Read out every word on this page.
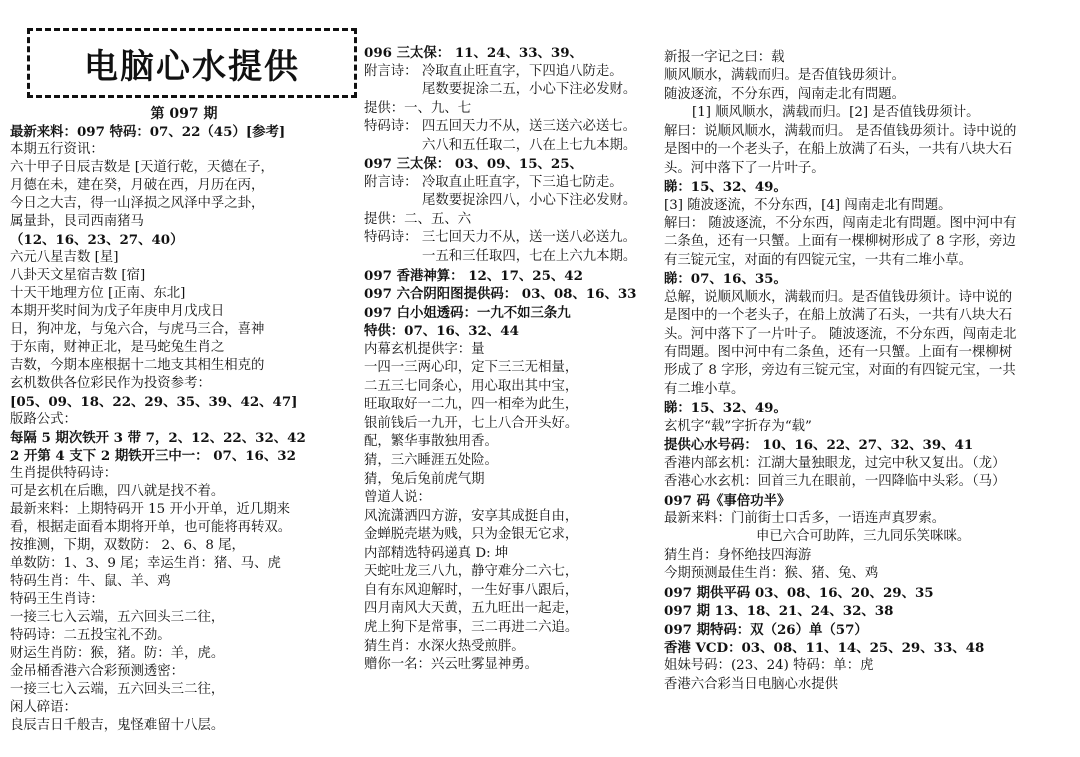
电脑心水提供
第 097 期
最新来料：097 特码：07、22（45）[参考]
本期五行资讯：
六十甲子日辰吉数是 [天道行乾，天德在子，
月德在未，建在癸，月破在西，月历在丙，
今日之大吉，得一山泽损之风泽中孚之卦，
属量卦，艮司西南猪马
（12、16、23、27、40）
六元八星吉数 [星]
八卦天文星宿吉数 [宿]
十天干地理方位 [正南、东北]
本期开奖时间为戊子年庚申月戊戌日
日，狗冲龙，与兔六合，与虎马三合，喜神
于东南，财神正北，是马蛇兔生肖之
吉数，今期本座根据十二地支其相生相克的
玄机数供各位彩民作为投资参考：
[05、09、18、22、29、35、39、42、47]
版路公式：
每隔 5 期次铁开 3 带 7，2、12、22、32、42
2 开第 4 支下 2 期铁开三中一： 07、16、32
生肖提供特码诗：
可是玄机在后瞧，四八就是找不着。
最新来料：上期特码开 15 开小开单，近几期来
看，根据走面看本期将开单，也可能将再转双。
按推测，下期，双数防： 2、6、8 尾，
单数防：1、3、9 尾；幸运生肖：猪、马、虎
特码生肖：牛、鼠、羊、鸡
特码王生肖诗：
一接三七入云端，五六回头三二往，
特码诗：二五投宝礼不劲。
财运生肖防：猴，猪。防：羊，虎。
金吊桶香港六合彩预测透密：
一接三七入云端，五六回头三二往，
闲人碎语：
良辰吉日千般吉，鬼怪难留十八层。
096 三太保： 11、24、33、39、
附言诗： 冷取直止旺直字，下四追八防走。
尾数要捉涂二五，小心下注必发财。
提供：一、九、七
特码诗： 四五回天力不从，送三送六必送七。
六八和五任取二，八在上七九本期。
097 三太保： 03、09、15、25、
附言诗： 冷取直止旺直字，下三追七防走。
尾数要捉涂四八，小心下注必发财。
提供：二、五、六
特码诗： 三七回天力不从，送一送八必送九。
一五和三任取四，七在上六九本期。
097 香港神算： 12、17、25、42
097 六合阴阳图提供码： 03、08、16、33
097 白小姐透码：一九不如三条九
特供：07、16、32、44
内幕玄机提供字：量
一四一三两心印，定下三三无相量，
二五三七同条心，用心取出其中宝，
旺取取好一二九，四一相牵为此生，
银前钱后一九开，七上八合开头好。
配，繁华事散独用香。
猜，三六睡涯五处险。
猜，兔后兔前虎气期
曾道人说：
风流潇洒四方游，安享其成挺自由，
金蝉脱壳堪为贱，只为金银无它求，
内部精选特码递真 D: 坤
天蛇吐龙三八九，静守难分二六七，
自有东风迎解时，一生好事八跟后，
四月南风大天黄，五九旺出一起走，
虎上狗下是常事，三二再进二六追。
猜生肖：水深火热受煎胖。
赠你一名：兴云吐雾显神勇。
新报一字记之曰：载
顺风顺水，满载而归。是否值钱毋须计。
随波逐流，不分东西，闯南走北有問題。
[1] 顺风顺水，满载而归。[2] 是否值钱毋须计。
解曰：说顺风顺水，满载而归。 是否值钱毋须计。诗中说的
是图中的一个老头子，在船上放满了石头，一共有八块大石
头。河中落下了一片叶子。
睇：15、32、49。
[3] 随波逐流，不分东西，[4] 闯南走北有問題。
解曰： 随波逐流，不分东西，闯南走北有問題。图中河中有
二条鱼，还有一只蟹。上面有一棵柳树形成了 8 字形，旁边
有三锭元宝，对面的有四锭元宝，一共有二堆小草。
睇：07、16、35。
总解，说顺风顺水，满载而归。是否值钱毋须计。诗中说的
是图中的一个老头子，在船上放满了石头，一共有八块大石
头。河中落下了一片叶子。 随波逐流，不分东西，闯南走北
有問題。图中河中有二条鱼，还有一只蟹。上面有一棵柳树
形成了 8 字形，旁边有三锭元宝，对面的有四锭元宝，一共
有二堆小草。
睇：15、32、49。
玄机字“载”字折存为“载”
提供心水号码： 10、16、22、27、32、39、41
香港内部玄机：江湖大量独眼龙，过完中秋又复出。（龙）
香港心水玄机：回首三九在眼前，一四降临中头彩。（马）
097 码《事倍功半》
最新来料：门前街士口舌多，一语连声真罗索。
申已六合可助阵，三九同乐笑咪咪。
猜生肖：身怀绝技四海游
今期预测最佳生肖：猴、猪、兔、鸡
097 期供平码 03、08、16、20、29、35
097 期 13、18、21、24、32、38
097 期特码：双（26）单（57）
香港 VCD：03、08、11、14、25、29、33、48
姐妹号码：(23、24) 特码：单：虎
香港六合彩当日电脑心水提供
